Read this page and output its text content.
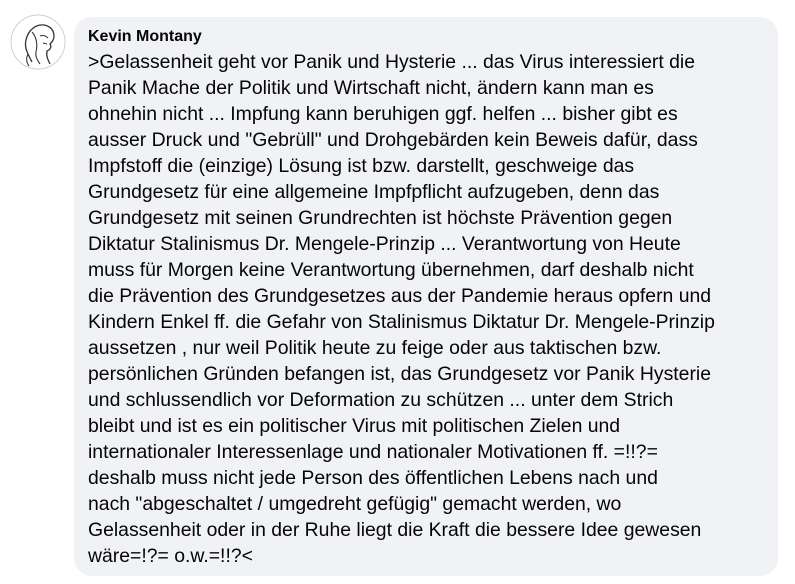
Kevin Montany

>Gelassenheit geht vor Panik und Hysterie ... das Virus interessiert die
Panik Mache der Politik und Wirtschaft nicht, ändern kann man es
ohnehin nicht ... Impfung kann beruhigen ggf. helfen ... bisher gibt es
ausser Druck und "Gebrüll" und Drohgebärden kein Beweis dafür, dass
Impfstoff die (einzige) Lösung ist bzw. darstellt, geschweige das
Grundgesetz für eine allgemeine Impfpflicht aufzugeben, denn das
Grundgesetz mit seinen Grundrechten ist höchste Prävention gegen
Diktatur Stalinismus Dr. Mengele-Prinzip ... Verantwortung von Heute
muss für Morgen keine Verantwortung übernehmen, darf deshalb nicht
die Prävention des Grundgesetzes aus der Pandemie heraus opfern und
Kindern Enkel ff. die Gefahr von Stalinismus Diktatur Dr. Mengele-Prinzip
aussetzen , nur weil Politik heute zu feige oder aus taktischen bzw.
persönlichen Gründen befangen ist, das Grundgesetz vor Panik Hysterie
und schlussendlich vor Deformation zu schützen ... unter dem Strich
bleibt und ist es ein politischer Virus mit politischen Zielen und
internationaler Interessenlage und nationaler Motivationen ff. =!!?=
deshalb muss nicht jede Person des öffentlichen Lebens nach und
nach "abgeschaltet / umgedreht gefügig" gemacht werden, wo
Gelassenheit oder in der Ruhe liegt die Kraft die bessere Idee gewesen
wäre=!?= o.w.=!!?<
